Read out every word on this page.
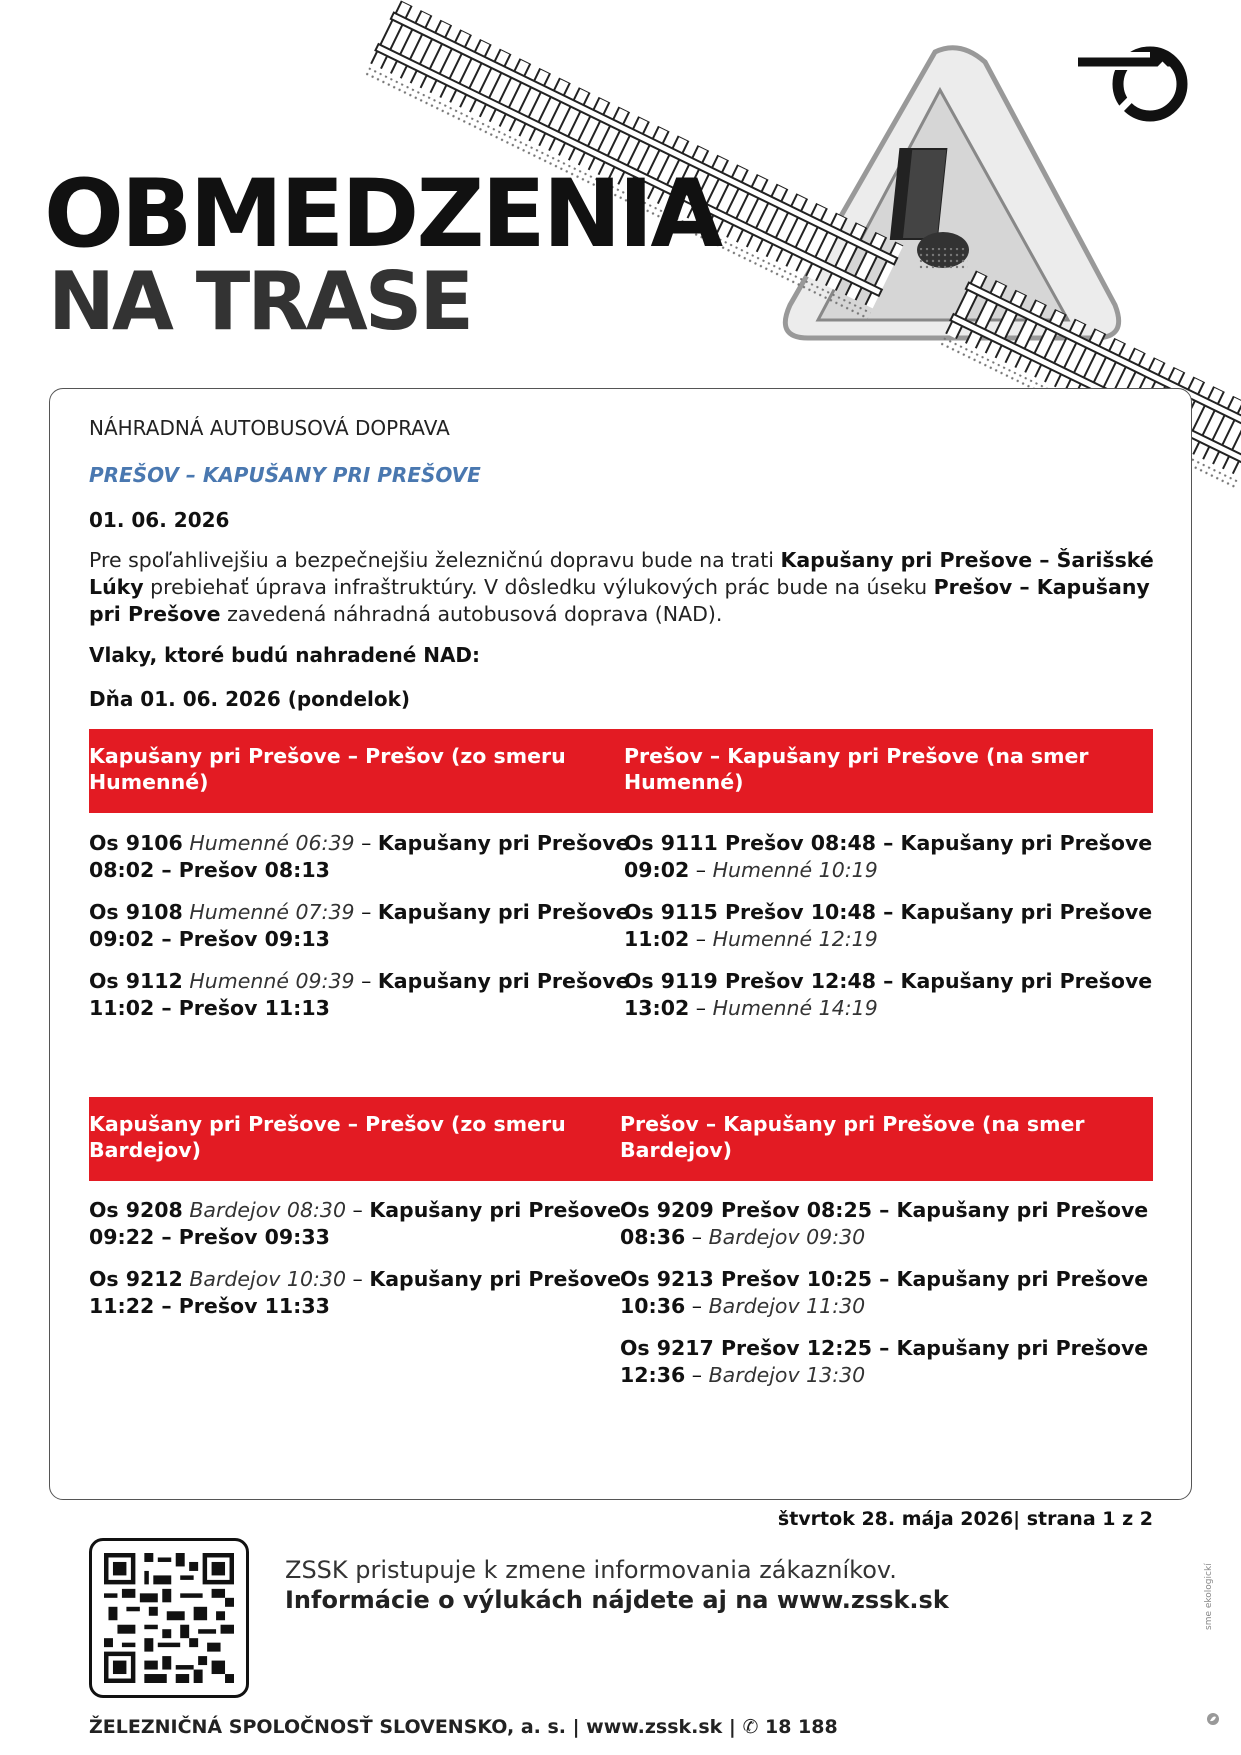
OBMEDZENIA
NA TRASE
NÁHRADNÁ AUTOBUSOVÁ DOPRAVA
PREŠOV – KAPUŠANY PRI PREŠOVE
01. 06. 2026
Pre spoľahlivejšiu a bezpečnejšiu železničnú dopravu bude na trati Kapušany pri Prešove – Šarišské Lúky prebiehať úprava infraštruktúry. V dôsledku výlukových prác bude na úseku Prešov – Kapušany pri Prešove zavedená náhradná autobusová doprava (NAD).
Vlaky, ktoré budú nahradené NAD:
Dňa 01. 06. 2026 (pondelok)
Kapušany pri Prešove – Prešov (zo smeru Humenné)
Prešov – Kapušany pri Prešove (na smer Humenné)
Os 9106 Humenné 06:39 – Kapušany pri Prešove
08:02 – Prešov 08:13
Os 9108 Humenné 07:39 – Kapušany pri Prešove
09:02 – Prešov 09:13
Os 9112 Humenné 09:39 – Kapušany pri Prešove
11:02 – Prešov 11:13
Os 9111 Prešov 08:48 – Kapušany pri Prešove
09:02 – Humenné 10:19
Os 9115 Prešov 10:48 – Kapušany pri Prešove
11:02 – Humenné 12:19
Os 9119 Prešov 12:48 – Kapušany pri Prešove
13:02 – Humenné 14:19
Kapušany pri Prešove – Prešov (zo smeru Bardejov)
Prešov – Kapušany pri Prešove (na smer Bardejov)
Os 9208 Bardejov 08:30 – Kapušany pri Prešove
09:22 – Prešov 09:33
Os 9212 Bardejov 10:30 – Kapušany pri Prešove
11:22 – Prešov 11:33
Os 9209 Prešov 08:25 – Kapušany pri Prešove
08:36 – Bardejov 09:30
Os 9213 Prešov 10:25 – Kapušany pri Prešove
10:36 – Bardejov 11:30
Os 9217 Prešov 12:25 – Kapušany pri Prešove
12:36 – Bardejov 13:30
štvrtok 28. mája 2026| strana 1 z 2
ZSSK pristupuje k zmene informovania zákazníkov.
Informácie o výlukách nájdete aj na www.zssk.sk
ŽELEZNIČNÁ SPOLOČNOSŤ SLOVENSKO, a. s. | www.zssk.sk | ✆ 18 188
sme ekologickí
